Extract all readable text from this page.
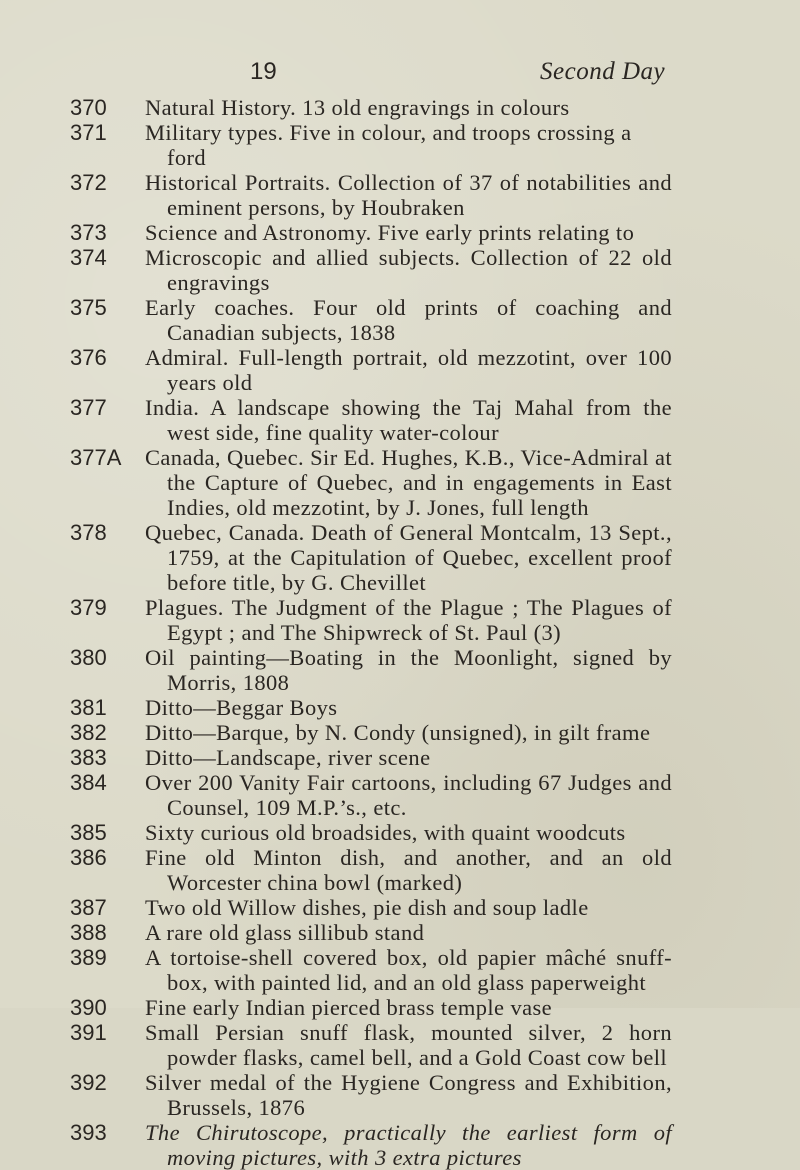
19	Second Day
370	Natural History. 13 old engravings in colours
371	Military types. Five in colour, and troops crossing a ford
372	Historical Portraits. Collection of 37 of notabilities and eminent persons, by Houbraken
373	Science and Astronomy. Five early prints relating to
374	Microscopic and allied subjects. Collection of 22 old engravings
375	Early coaches. Four old prints of coaching and Canadian subjects, 1838
376	Admiral. Full-length portrait, old mezzotint, over 100 years old
377	India. A landscape showing the Taj Mahal from the west side, fine quality water-colour
377A	Canada, Quebec. Sir Ed. Hughes, K.B., Vice-Admiral at the Capture of Quebec, and in engagements in East Indies, old mezzotint, by J. Jones, full length
378	Quebec, Canada. Death of General Montcalm, 13 Sept., 1759, at the Capitulation of Quebec, excellent proof before title, by G. Chevillet
379	Plagues. The Judgment of the Plague ; The Plagues of Egypt ; and The Shipwreck of St. Paul (3)
380	Oil painting—Boating in the Moonlight, signed by Morris, 1808
381	Ditto—Beggar Boys
382	Ditto—Barque, by N. Condy (unsigned), in gilt frame
383	Ditto—Landscape, river scene
384	Over 200 Vanity Fair cartoons, including 67 Judges and Counsel, 109 M.P.’s., etc.
385	Sixty curious old broadsides, with quaint woodcuts
386	Fine old Minton dish, and another, and an old Worcester china bowl (marked)
387	Two old Willow dishes, pie dish and soup ladle
388	A rare old glass sillibub stand
389	A tortoise-shell covered box, old papier mâché snuff-box, with painted lid, and an old glass paperweight
390	Fine early Indian pierced brass temple vase
391	Small Persian snuff flask, mounted silver, 2 horn powder flasks, camel bell, and a Gold Coast cow bell
392	Silver medal of the Hygiene Congress and Exhibition, Brussels, 1876
393	The Chirutoscope, practically the earliest form of moving pictures, with 3 extra pictures
